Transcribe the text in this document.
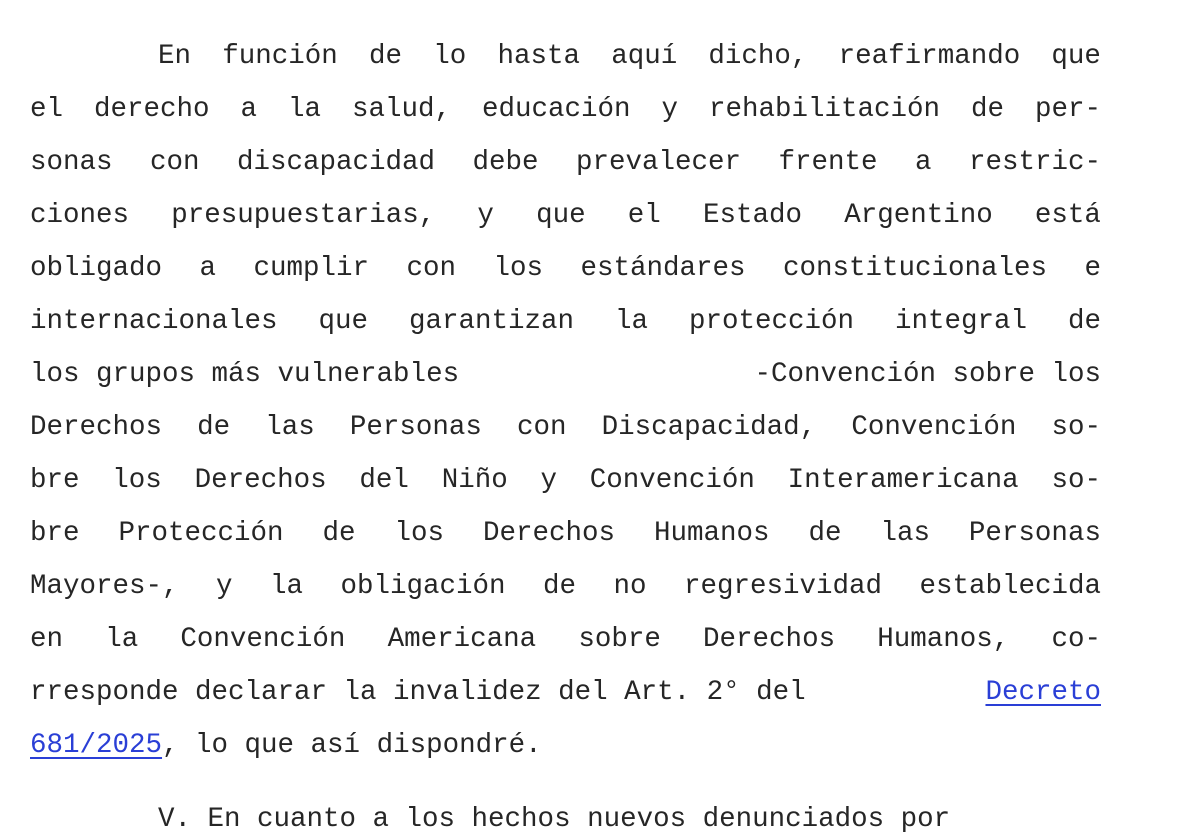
En función de lo hasta aquí dicho, reafirmando que
el derecho a la salud, educación y rehabilitación de per-
sonas con discapacidad debe prevalecer frente a restric-
ciones presupuestarias, y que el Estado Argentino está
obligado a cumplir con los estándares constitucionales e
internacionales que garantizan la protección integral de
los grupos más vulnerables	-Convención sobre los
Derechos de las Personas con Discapacidad, Convención so-
bre los Derechos del Niño y Convención Interamericana so-
bre Protección de los Derechos Humanos de las Personas
Mayores-, y la obligación de no regresividad establecida
en la Convención Americana sobre Derechos Humanos, co-
rresponde declarar la invalidez del Art. 2° del	Decreto
681/2025 , lo que así dispondré.
V. En cuanto a los hechos nuevos denunciados por
